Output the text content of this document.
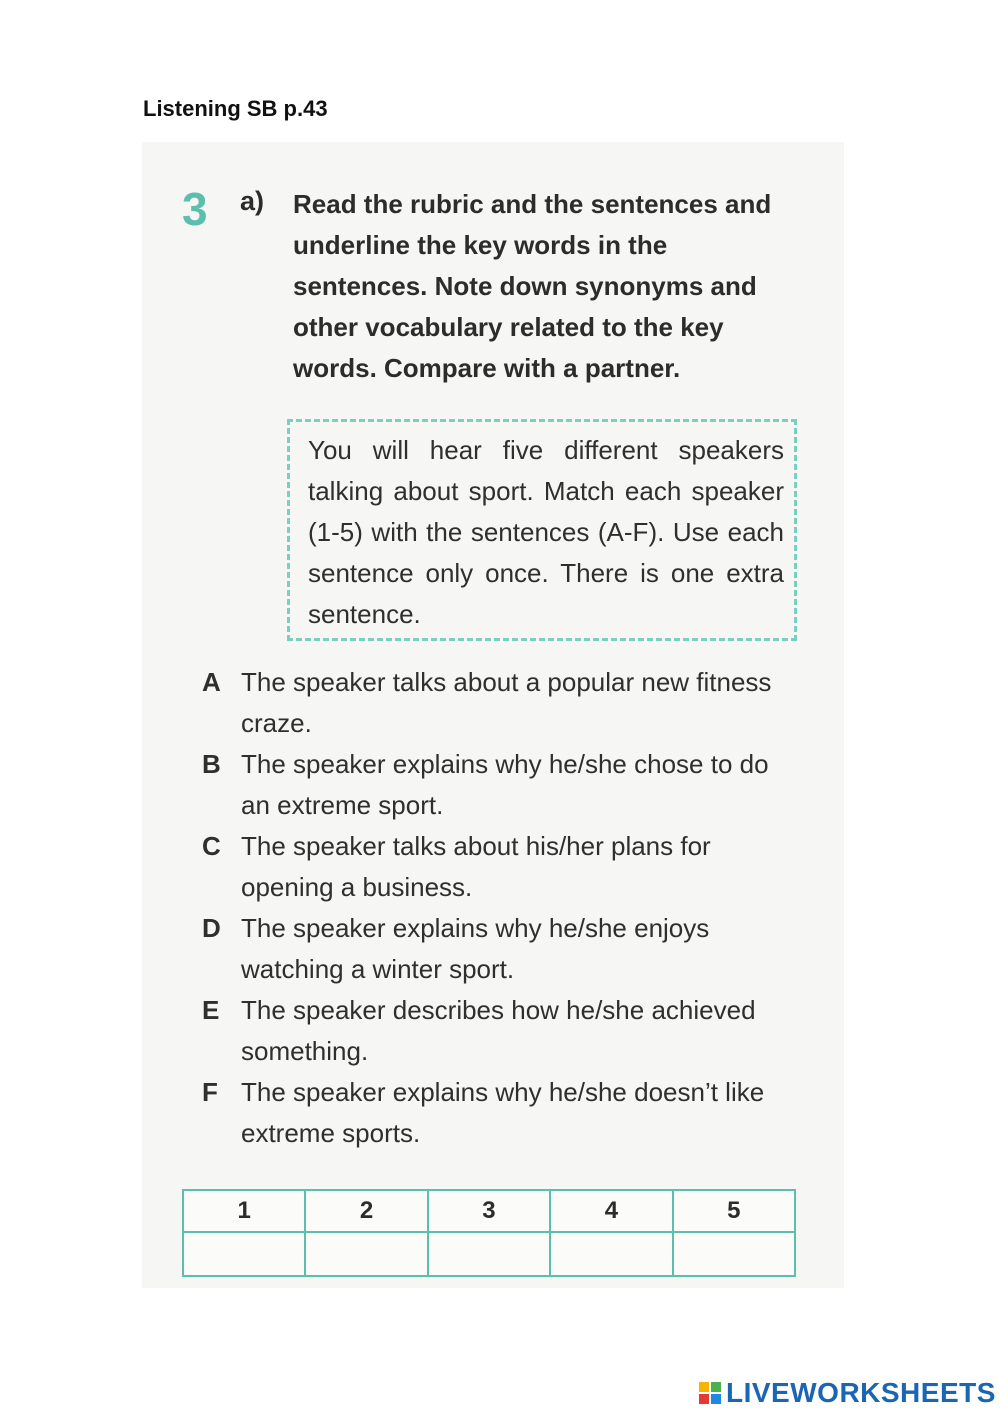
Listening SB p.43
3 a) Read the rubric and the sentences and underline the key words in the sentences. Note down synonyms and other vocabulary related to the key words. Compare with a partner.
You will hear five different speakers talking about sport. Match each speaker (1-5) with the sentences (A-F). Use each sentence only once. There is one extra sentence.
A The speaker talks about a popular new fitness craze.
B The speaker explains why he/she chose to do an extreme sport.
C The speaker talks about his/her plans for opening a business.
D The speaker explains why he/she enjoys watching a winter sport.
E The speaker describes how he/she achieved something.
F The speaker explains why he/she doesn’t like extreme sports.
1	2	3	4	5

LIVEWORKSHEETS
